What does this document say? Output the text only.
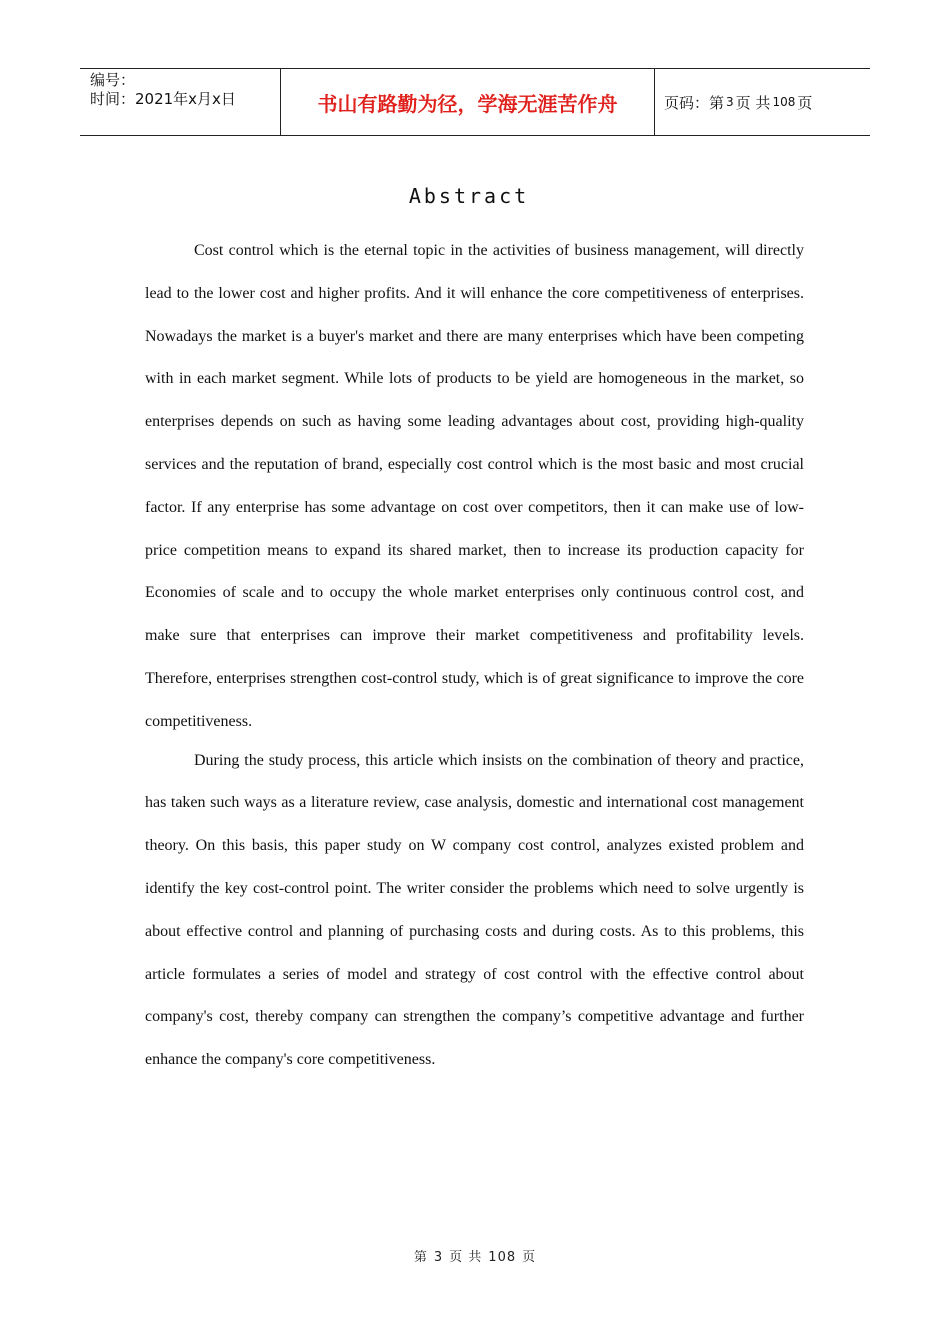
编号：
时间：2021年x月x日	书山有路勤为径，学海无涯苦作舟	页码：第 3 页 共 108 页
Abstract

Cost control which is the eternal topic in the activities of business management, will directly lead to the lower cost and higher profits. And it will enhance the core competitiveness of enterprises. Nowadays the market is a buyer's market and there are many enterprises which have been competing with in each market segment. While lots of products to be yield are homogeneous in the market, so enterprises depends on such as having some leading advantages about cost, providing high-quality services and the reputation of brand, especially cost control which is the most basic and most crucial factor. If any enterprise has some advantage on cost over competitors, then it can make use of low-price competition means to expand its shared market, then to increase its production capacity for Economies of scale and to occupy the whole market enterprises only continuous control cost, and make sure that enterprises can improve their market competitiveness and profitability levels. Therefore, enterprises strengthen cost-control study, which is of great significance to improve the core competitiveness.

During the study process, this article which insists on the combination of theory and practice, has taken such ways as a literature review, case analysis, domestic and international cost management theory. On this basis, this paper study on W company cost control, analyzes existed problem and identify the key cost-control point. The writer consider the problems which need to solve urgently is about effective control and planning of purchasing costs and during costs. As to this problems, this article formulates a series of model and strategy of cost control with the effective control about company's cost, thereby company can strengthen the company’s competitive advantage and further enhance the company's core competitiveness.

第 3 页 共 108 页
